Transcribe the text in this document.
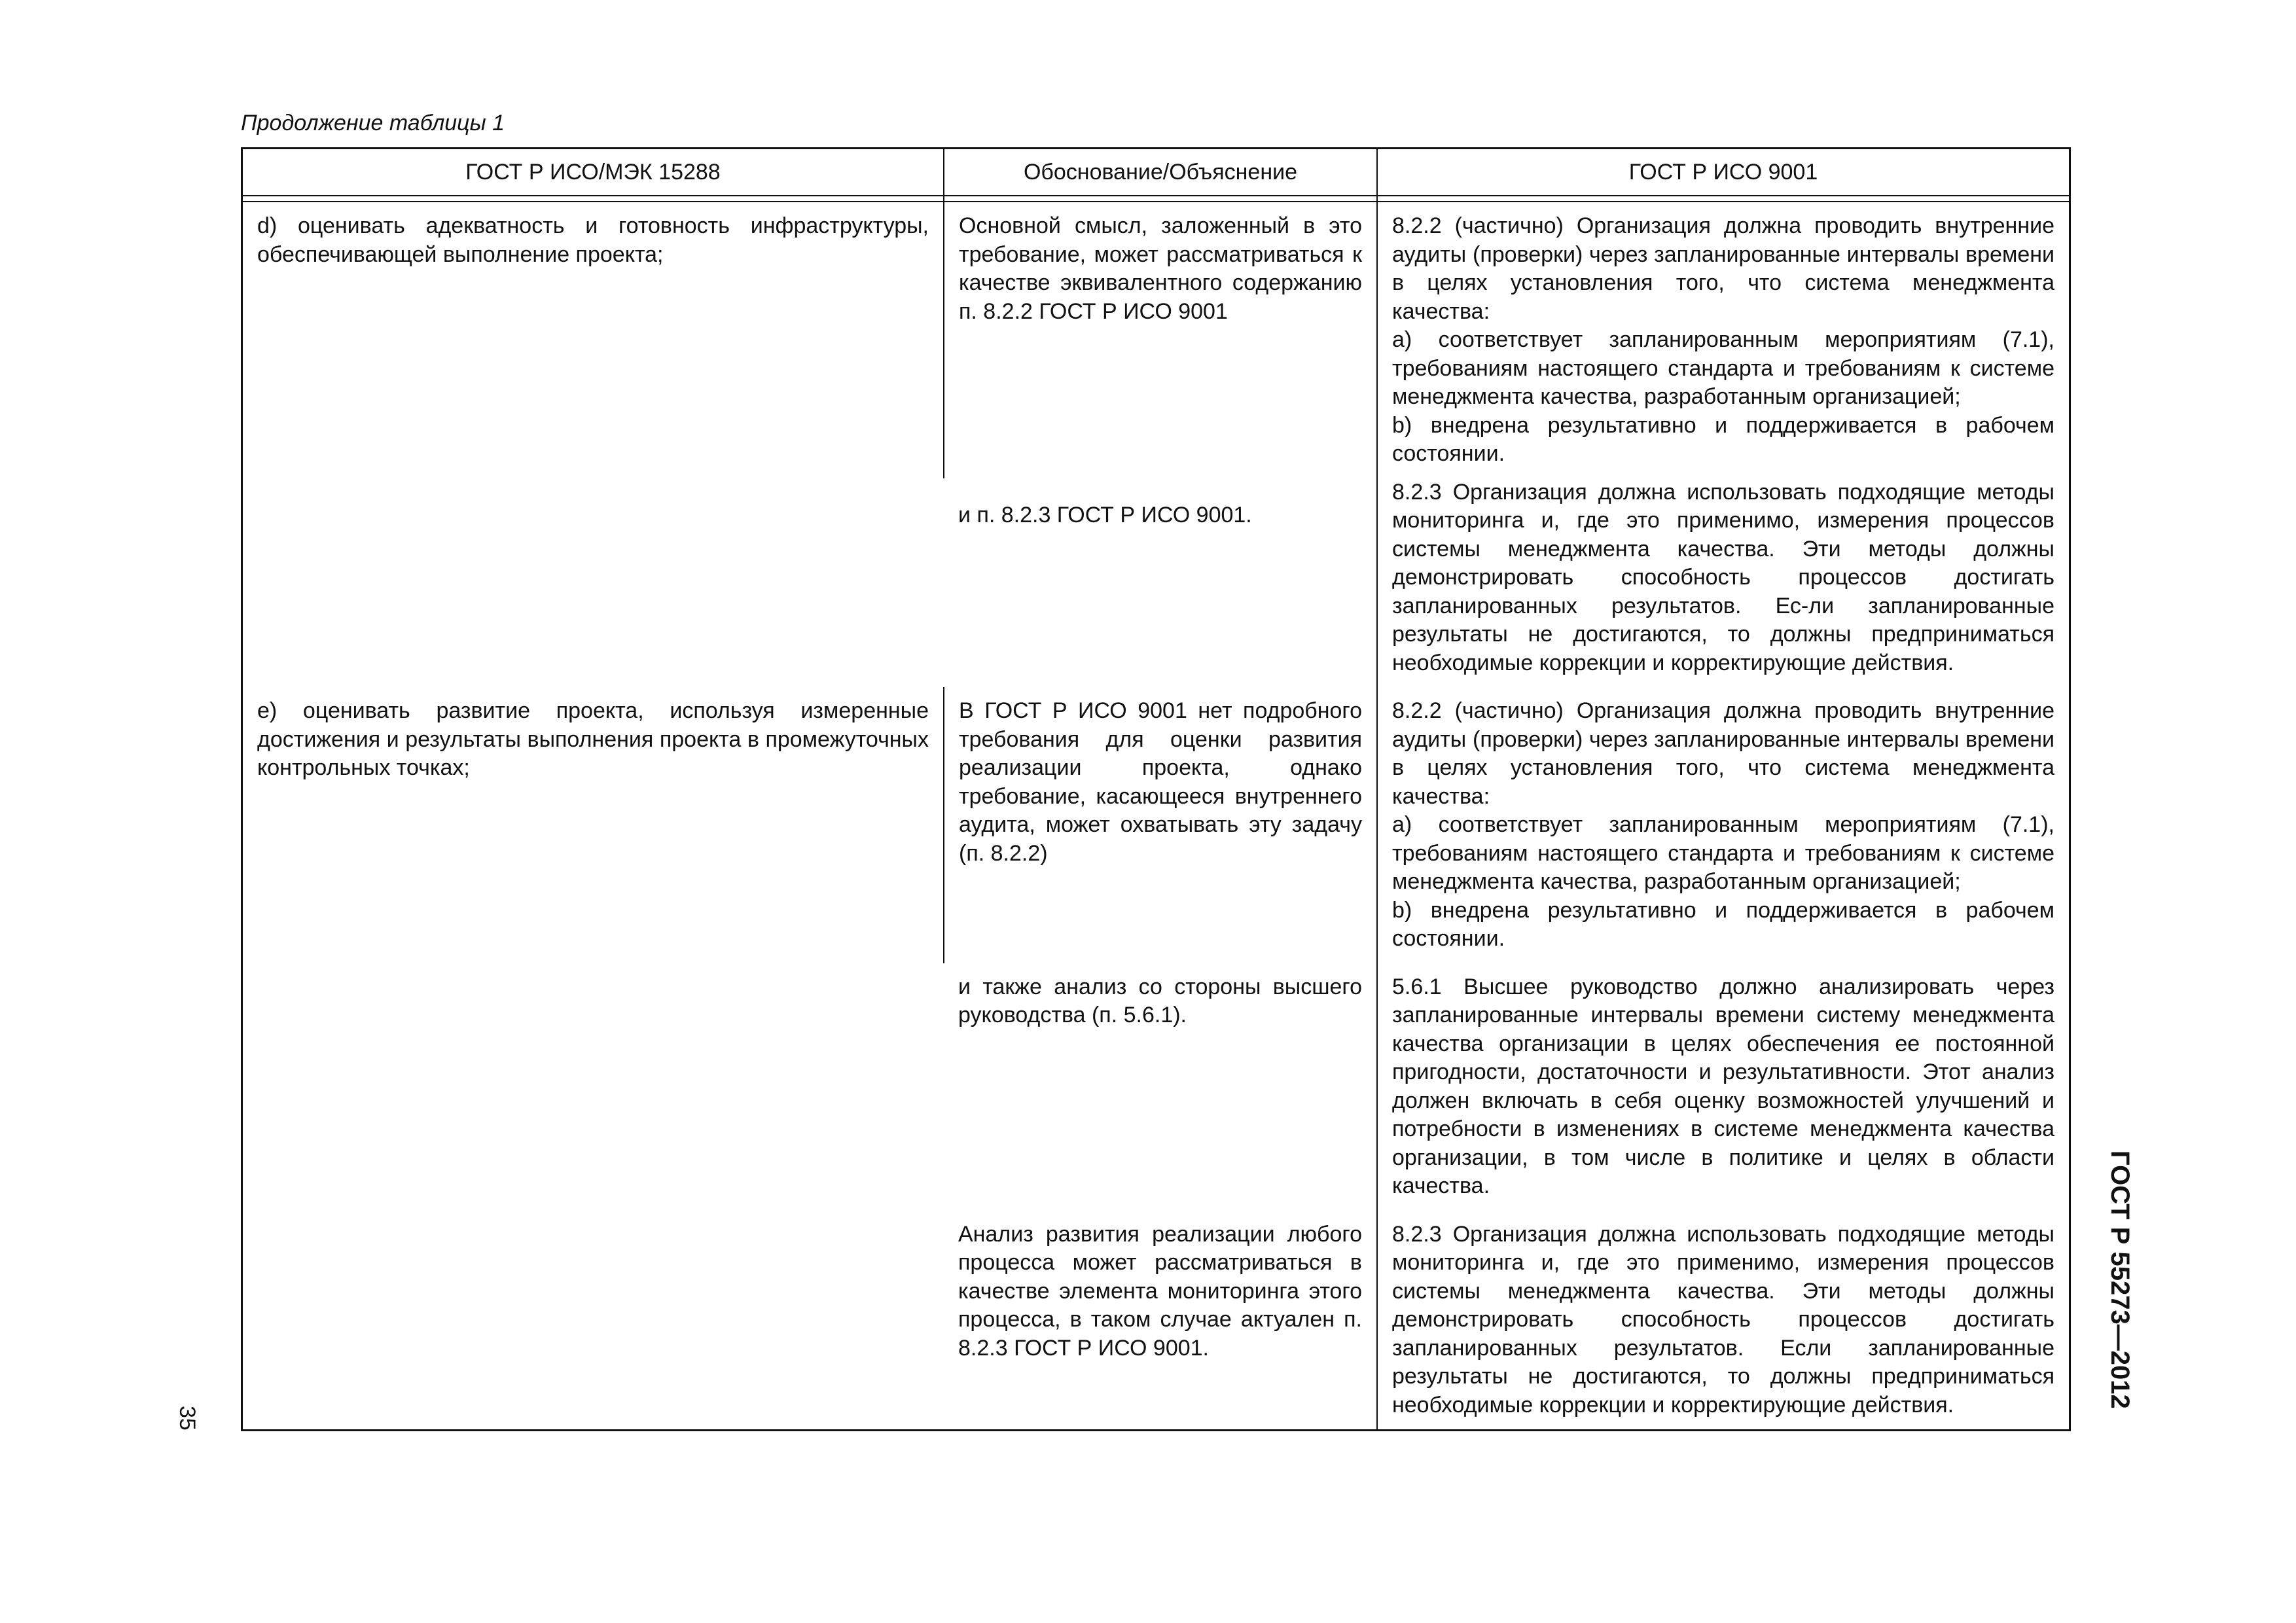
Продолжение таблицы 1

ГОСТ Р ИСО/МЭК 15288	Обоснование/Объяснение	ГОСТ Р ИСО 9001

d) оценивать адекватность и готовность инфраструктуры, обеспечивающей выполнение проекта;	Основной смысл, заложенный в это требование, может рассматриваться к качестве эквивалентного содержанию п. 8.2.2 ГОСТ Р ИСО 9001	8.2.2 (частично) Организация должна проводить внутренние аудиты (проверки) через запланированные интервалы времени в целях установления того, что система менеджмента качества:
a) соответствует запланированным мероприятиям (7.1), требованиям настоящего стандарта и требованиям к системе менеджмента качества, разработанным организацией;
b) внедрена результативно и поддерживается в рабочем состоянии.

	и п. 8.2.3 ГОСТ Р ИСО 9001.	8.2.3 Организация должна использовать подходящие методы мониторинга и, где это применимо, измерения процессов системы менеджмента качества. Эти методы должны демонстрировать способность процессов достигать запланированных результатов. Ес-ли запланированные результаты не достигаются, то должны предприниматься необходимые коррекции и корректирующие действия.

e) оценивать развитие проекта, используя измеренные достижения и результаты выполнения проекта в промежуточных контрольных точках;	В ГОСТ Р ИСО 9001 нет подробного требования для оценки развития реализации проекта, однако требование, касающееся внутреннего аудита, может охватывать эту задачу (п. 8.2.2)	8.2.2 (частично) Организация должна проводить внутренние аудиты (проверки) через запланированные интервалы времени в целях установления того, что система менеджмента качества:
a) соответствует запланированным мероприятиям (7.1), требованиям настоящего стандарта и требованиям к системе менеджмента качества, разработанным организацией;
b) внедрена результативно и поддерживается в рабочем состоянии.

	и также анализ со стороны высшего руководства (п. 5.6.1).	5.6.1 Высшее руководство должно анализировать через запланированные интервалы времени систему менеджмента качества организации в целях обеспечения ее постоянной пригодности, достаточности и результативности. Этот анализ должен включать в себя оценку возможностей улучшений и потребности в изменениях в системе менеджмента качества организации, в том числе в политике и целях в области качества.

	Анализ развития реализации любого процесса может рассматриваться в качестве элемента мониторинга этого процесса, в таком случае актуален п. 8.2.3 ГОСТ Р ИСО 9001.	8.2.3 Организация должна использовать подходящие методы мониторинга и, где это применимо, измерения процессов системы менеджмента качества. Эти методы должны демонстрировать способность процессов достигать запланированных результатов. Если запланированные результаты не достигаются, то должны предприниматься необходимые коррекции и корректирующие действия.	ГОСТ Р 55273—2012
35
